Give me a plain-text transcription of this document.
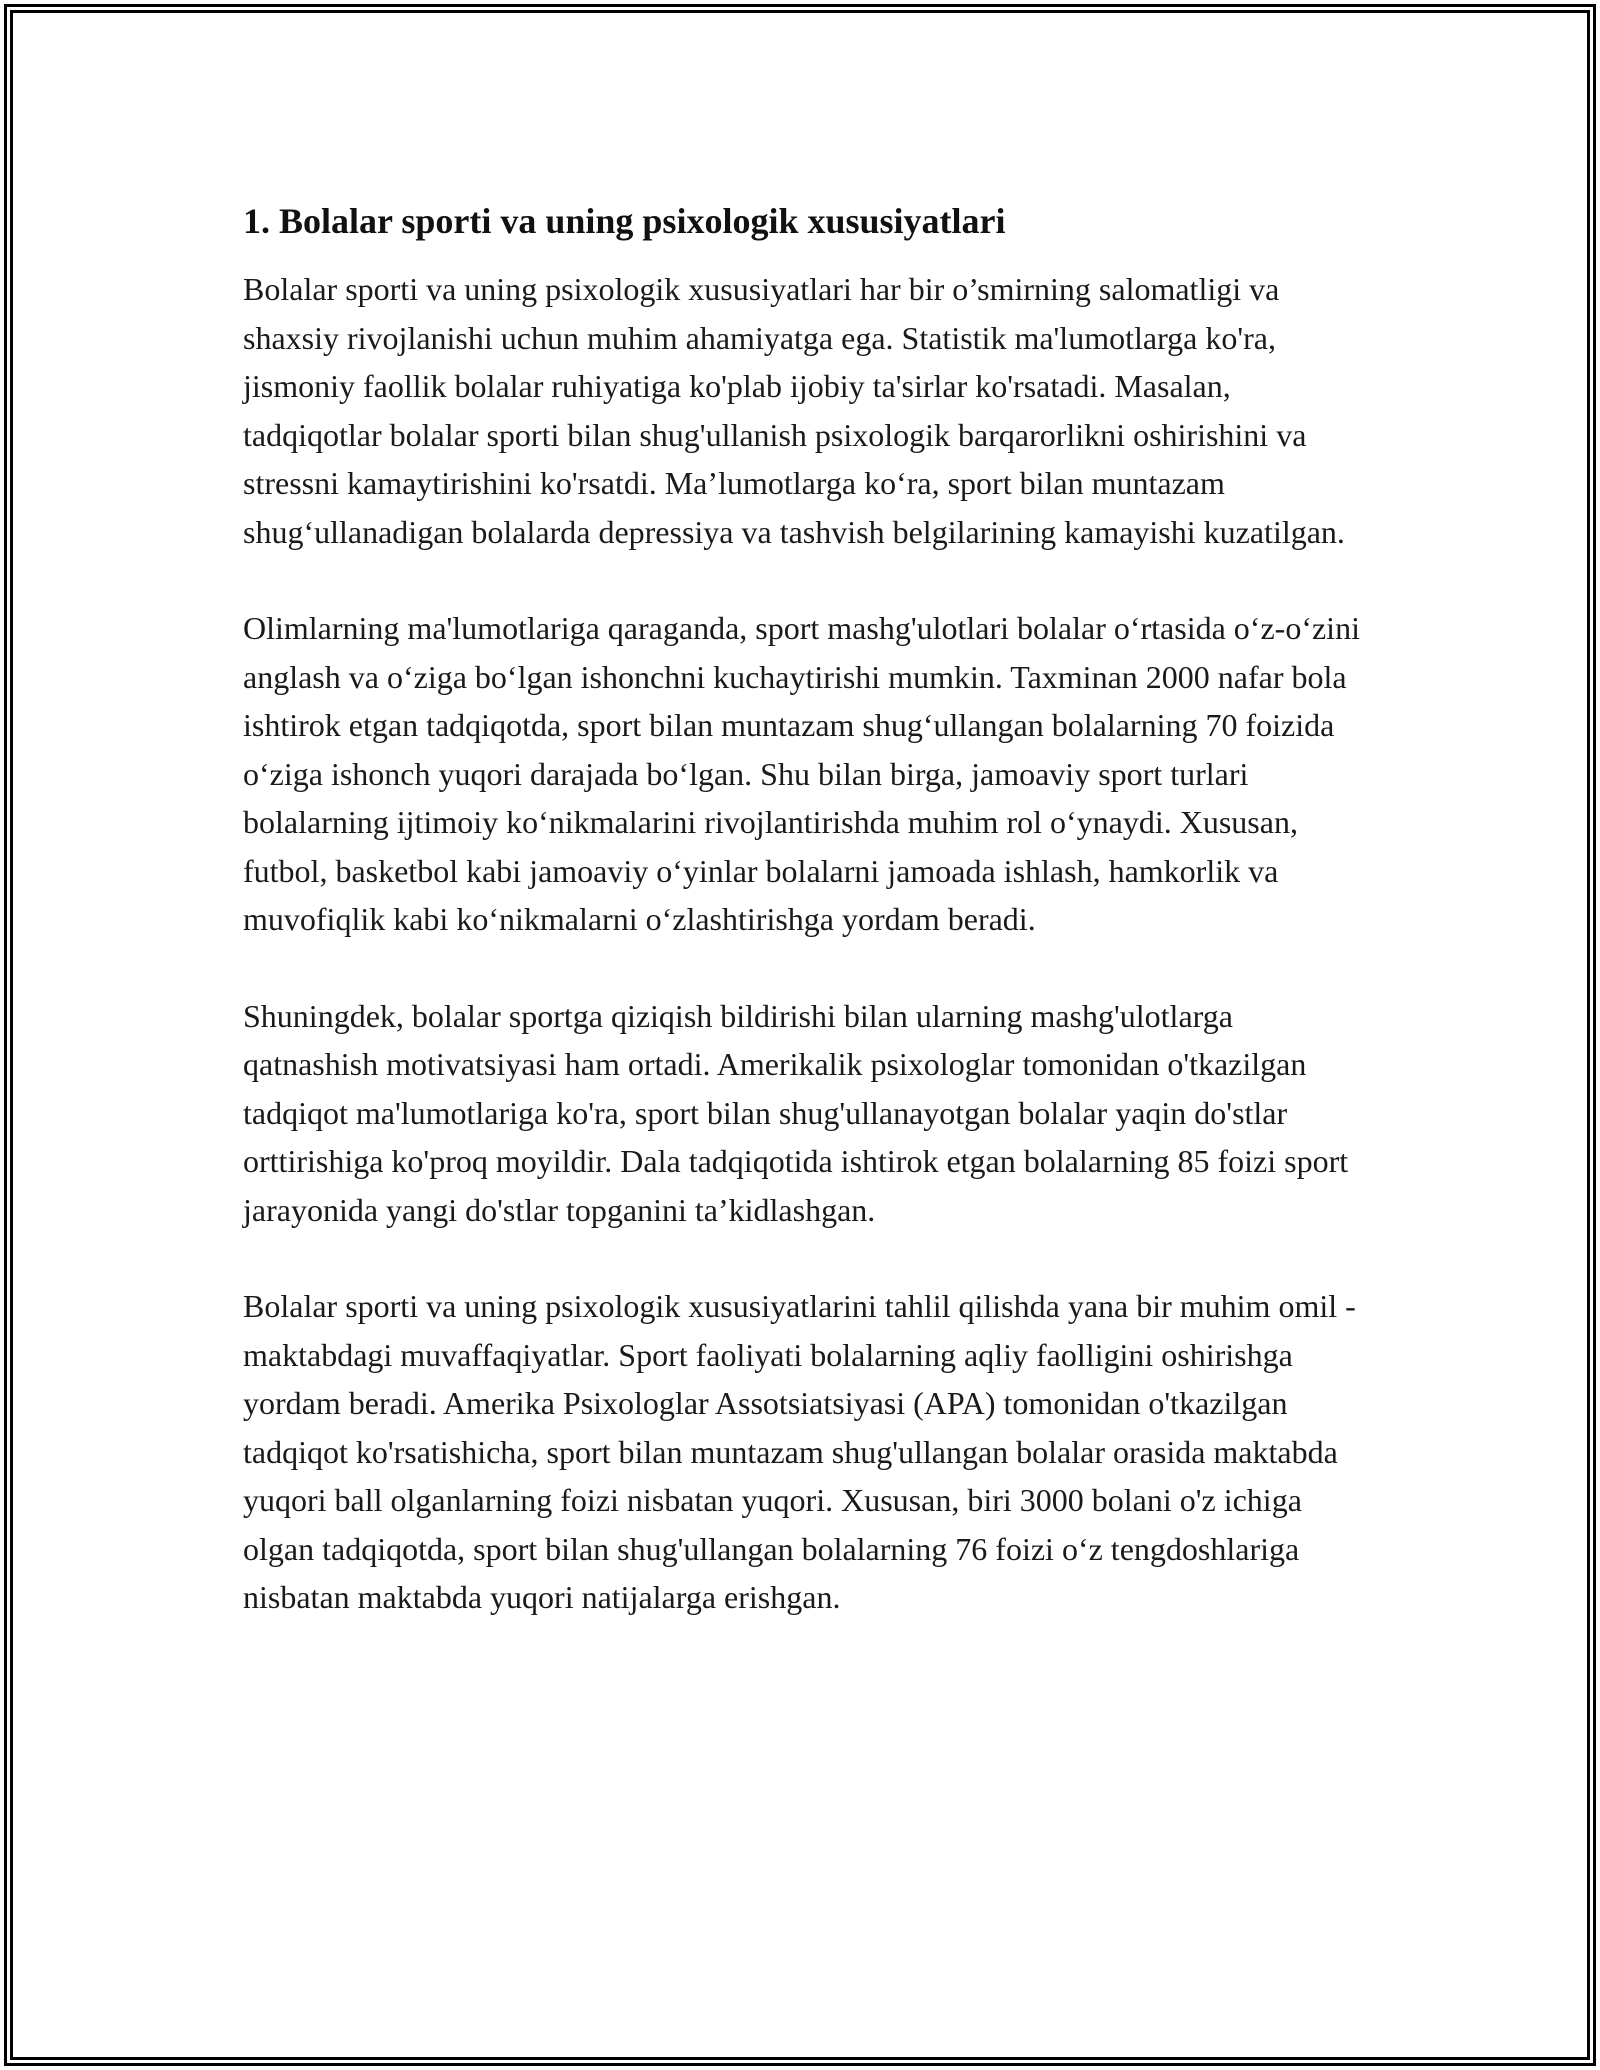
1. Bolalar sporti va uning psixologik xususiyatlari

Bolalar sporti va uning psixologik xususiyatlari har bir o’smirning salomatligi va shaxsiy rivojlanishi uchun muhim ahamiyatga ega. Statistik ma'lumotlarga ko'ra, jismoniy faollik bolalar ruhiyatiga ko'plab ijobiy ta'sirlar ko'rsatadi. Masalan, tadqiqotlar bolalar sporti bilan shug'ullanish psixologik barqarorlikni oshirishini va stressni kamaytirishini ko'rsatdi. Ma’lumotlarga ko‘ra, sport bilan muntazam shug‘ullanadigan bolalarda depressiya va tashvish belgilarining kamayishi kuzatilgan.

Olimlarning ma'lumotlariga qaraganda, sport mashg'ulotlari bolalar o‘rtasida o‘z-o‘zini anglash va o‘ziga bo‘lgan ishonchni kuchaytirishi mumkin. Taxminan 2000 nafar bola ishtirok etgan tadqiqotda, sport bilan muntazam shug‘ullangan bolalarning 70 foizida o‘ziga ishonch yuqori darajada bo‘lgan. Shu bilan birga, jamoaviy sport turlari bolalarning ijtimoiy ko‘nikmalarini rivojlantirishda muhim rol o‘ynaydi. Xususan, futbol, basketbol kabi jamoaviy o‘yinlar bolalarni jamoada ishlash, hamkorlik va muvofiqlik kabi ko‘nikmalarni o‘zlashtirishga yordam beradi.

Shuningdek, bolalar sportga qiziqish bildirishi bilan ularning mashg'ulotlarga qatnashish motivatsiyasi ham ortadi. Amerikalik psixologlar tomonidan o'tkazilgan tadqiqot ma'lumotlariga ko'ra, sport bilan shug'ullanayotgan bolalar yaqin do'stlar orttirishiga ko'proq moyildir. Dala tadqiqotida ishtirok etgan bolalarning 85 foizi sport jarayonida yangi do'stlar topganini ta’kidlashgan.

Bolalar sporti va uning psixologik xususiyatlarini tahlil qilishda yana bir muhim omil - maktabdagi muvaffaqiyatlar. Sport faoliyati bolalarning aqliy faolligini oshirishga yordam beradi. Amerika Psixologlar Assotsiatsiyasi (APA) tomonidan o'tkazilgan tadqiqot ko'rsatishicha, sport bilan muntazam shug'ullangan bolalar orasida maktabda yuqori ball olganlarning foizi nisbatan yuqori. Xususan, biri 3000 bolani o'z ichiga olgan tadqiqotda, sport bilan shug'ullangan bolalarning 76 foizi o‘z tengdoshlariga nisbatan maktabda yuqori natijalarga erishgan.
